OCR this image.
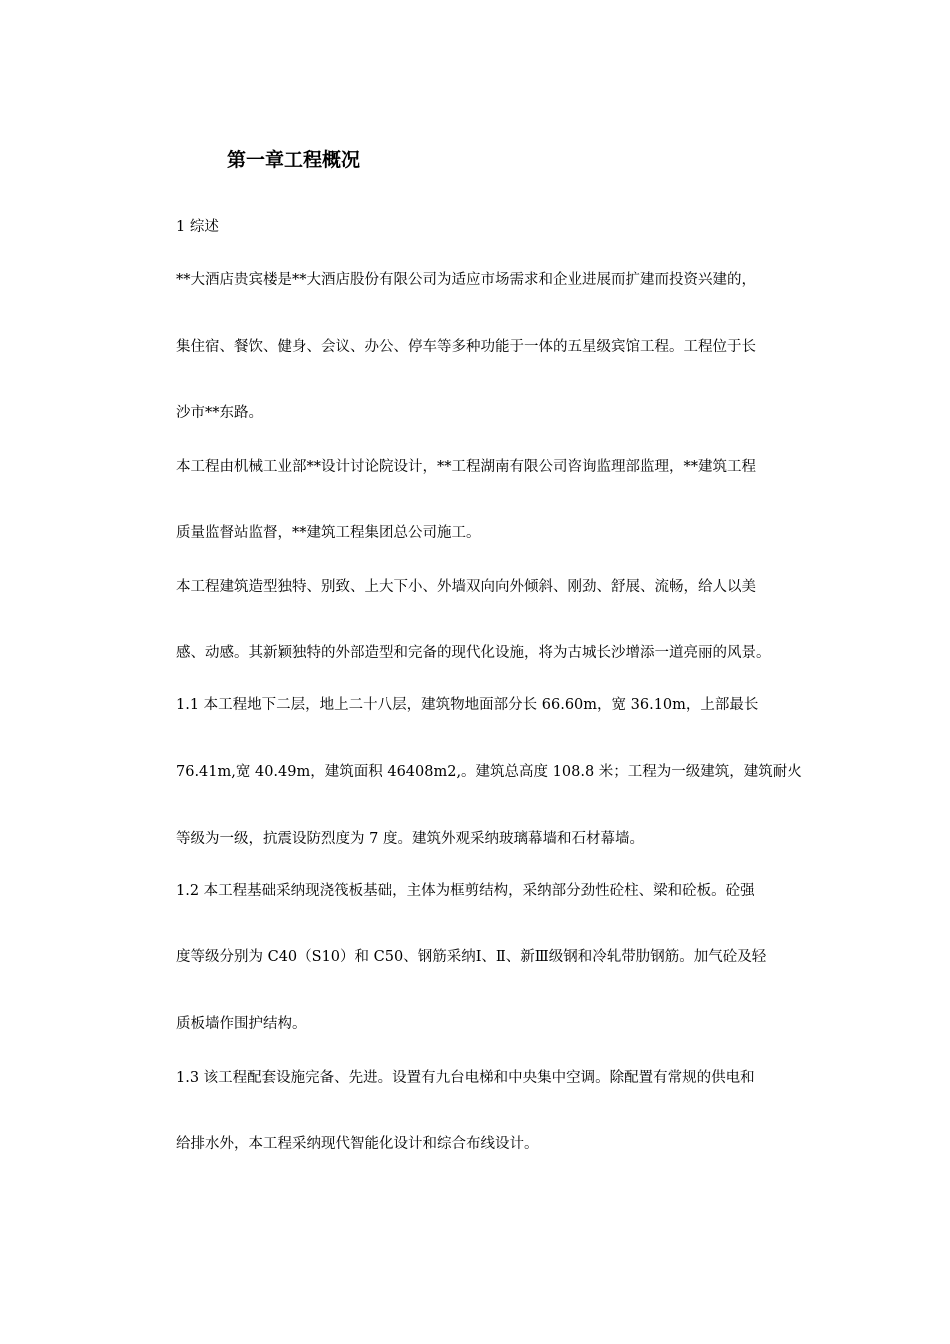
第一章工程概况
1 综述
**大酒店贵宾楼是**大酒店股份有限公司为适应市场需求和企业进展而扩建而投资兴建的，
集住宿、餐饮、健身、会议、办公、停车等多种功能于一体的五星级宾馆工程。工程位于长
沙市**东路。
本工程由机械工业部**设计讨论院设计，**工程湖南有限公司咨询监理部监理，**建筑工程
质量监督站监督，**建筑工程集团总公司施工。
本工程建筑造型独特、别致、上大下小、外墙双向向外倾斜、刚劲、舒展、流畅，给人以美
感、动感。其新颖独特的外部造型和完备的现代化设施，将为古城长沙增添一道亮丽的风景。
1.1 本工程地下二层，地上二十八层，建筑物地面部分长 66.60m，宽 36.10m，上部最长
76.41m,宽 40.49m，建筑面积 46408m2,。建筑总高度 108.8 米；工程为一级建筑，建筑耐火
等级为一级，抗震设防烈度为 7 度。建筑外观采纳玻璃幕墙和石材幕墙。
1.2 本工程基础采纳现浇筏板基础，主体为框剪结构，采纳部分劲性砼柱、梁和砼板。砼强
度等级分别为 C40（S10）和 C50、钢筋采纳Ⅰ、Ⅱ、新Ⅲ级钢和冷轧带肋钢筋。加气砼及轻
质板墙作围护结构。
1.3 该工程配套设施完备、先进。设置有九台电梯和中央集中空调。除配置有常规的供电和
给排水外，本工程采纳现代智能化设计和综合布线设计。
